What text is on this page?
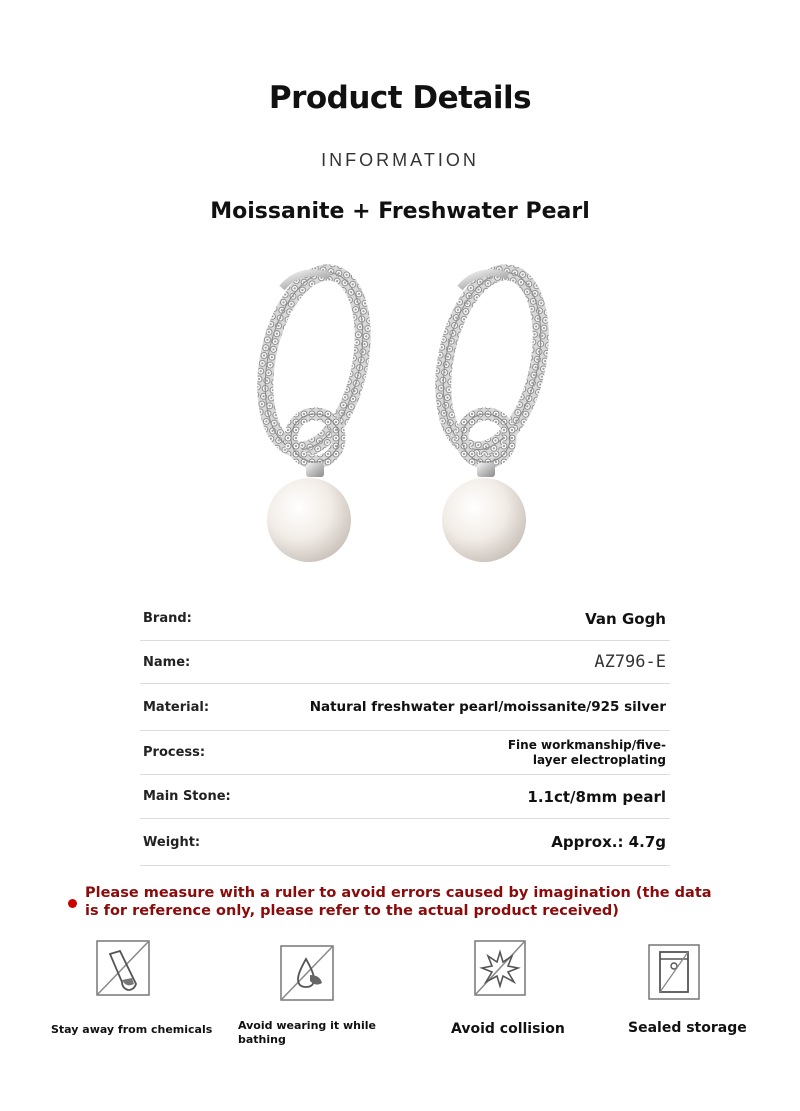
Product Details
INFORMATION
Moissanite + Freshwater Pearl
Brand:	Van Gogh
Name:	AZ796-E
Material:	Natural freshwater pearl/moissanite/925 silver
Process:
Fine workmanship/five-layer electroplating
Main Stone:	1.1ct/8mm pearl
Weight:	Approx.: 4.7g
Please measure with a ruler to avoid errors caused by imagination (the data is for reference only, please refer to the actual product received)
Stay away from chemicals Avoid wearing it while bathing
Avoid collision	Sealed storage
